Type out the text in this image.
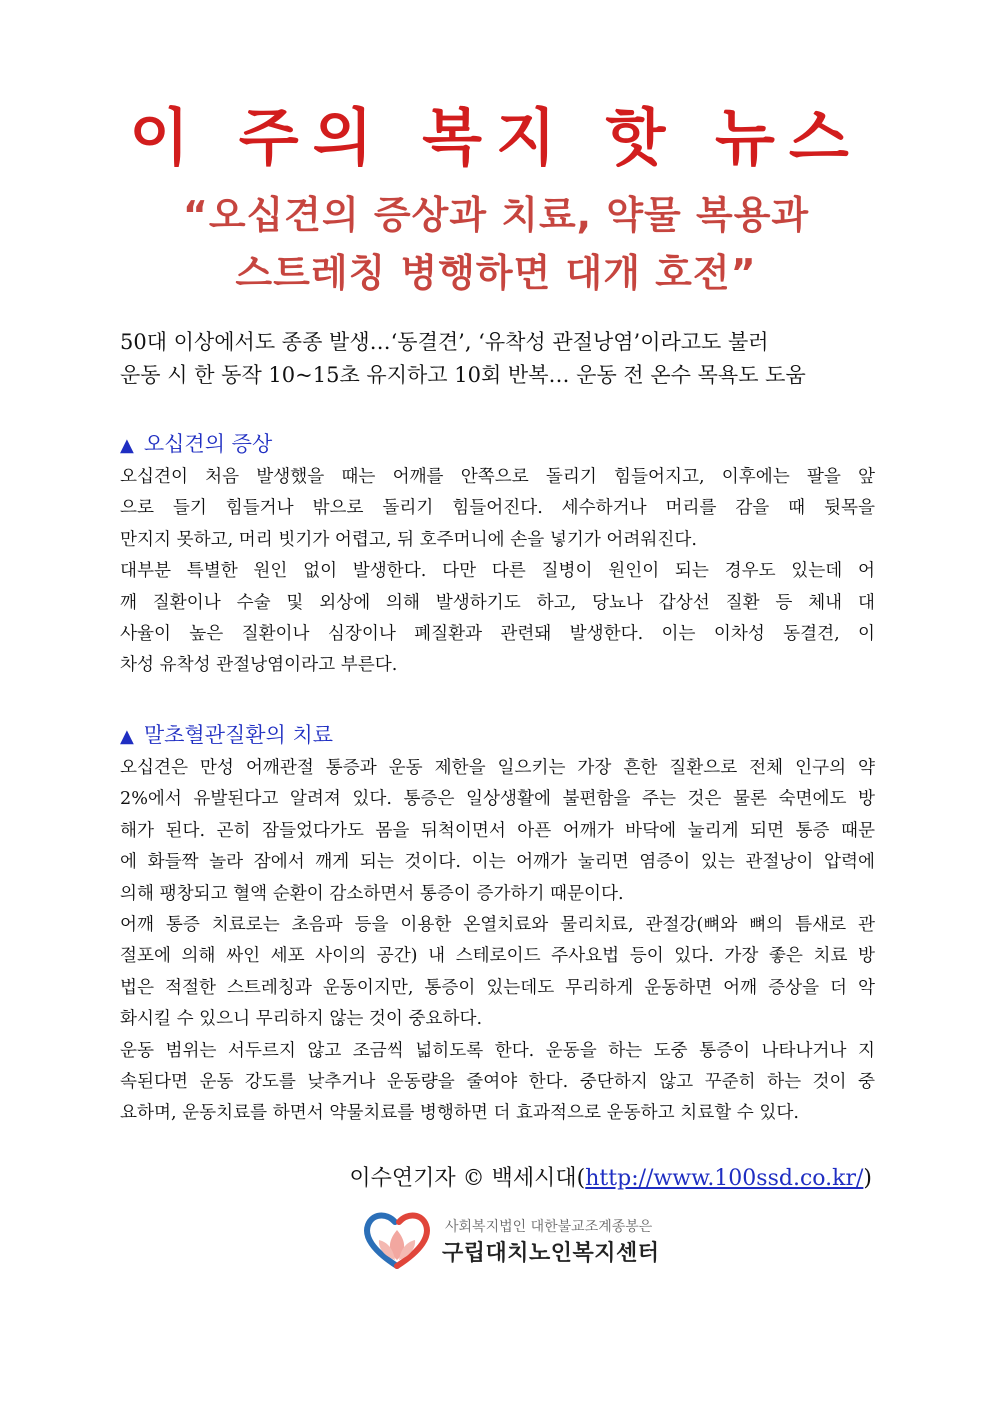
이 주의 복지 핫 뉴스
“오십견의 증상과 치료, 약물 복용과
스트레칭 병행하면 대개 호전”
50대 이상에서도 종종 발생…‘동결견’, ‘유착성 관절낭염’이라고도 불러
운동 시 한 동작 10~15초 유지하고 10회 반복… 운동 전 온수 목욕도 도움
▲ 오십견의 증상
오십견이 처음 발생했을 때는 어깨를 안쪽으로 돌리기 힘들어지고, 이후에는 팔을 앞
으로 들기 힘들거나 밖으로 돌리기 힘들어진다. 세수하거나 머리를 감을 때 뒷목을
만지지 못하고, 머리 빗기가 어렵고, 뒤 호주머니에 손을 넣기가 어려워진다.
대부분 특별한 원인 없이 발생한다. 다만 다른 질병이 원인이 되는 경우도 있는데 어
깨 질환이나 수술 및 외상에 의해 발생하기도 하고, 당뇨나 갑상선 질환 등 체내 대
사율이 높은 질환이나 심장이나 폐질환과 관련돼 발생한다. 이는 이차성 동결견, 이
차성 유착성 관절낭염이라고 부른다.
▲ 말초혈관질환의 치료
오십견은 만성 어깨관절 통증과 운동 제한을 일으키는 가장 흔한 질환으로 전체 인구의 약
2%에서 유발된다고 알려져 있다. 통증은 일상생활에 불편함을 주는 것은 물론 숙면에도 방
해가 된다. 곤히 잠들었다가도 몸을 뒤척이면서 아픈 어깨가 바닥에 눌리게 되면 통증 때문
에 화들짝 놀라 잠에서 깨게 되는 것이다. 이는 어깨가 눌리면 염증이 있는 관절낭이 압력에
의해 팽창되고 혈액 순환이 감소하면서 통증이 증가하기 때문이다.
어깨 통증 치료로는 초음파 등을 이용한 온열치료와 물리치료, 관절강(뼈와 뼈의 틈새로 관
절포에 의해 싸인 세포 사이의 공간) 내 스테로이드 주사요법 등이 있다. 가장 좋은 치료 방
법은 적절한 스트레칭과 운동이지만, 통증이 있는데도 무리하게 운동하면 어깨 증상을 더 악
화시킬 수 있으니 무리하지 않는 것이 중요하다.
운동 범위는 서두르지 않고 조금씩 넓히도록 한다. 운동을 하는 도중 통증이 나타나거나 지
속된다면 운동 강도를 낮추거나 운동량을 줄여야 한다. 중단하지 않고 꾸준히 하는 것이 중
요하며, 운동치료를 하면서 약물치료를 병행하면 더 효과적으로 운동하고 치료할 수 있다.
이수연기자 © 백세시대(http://www.100ssd.co.kr/)
사회복지법인 대한불교조계종봉은
구립대치노인복지센터
